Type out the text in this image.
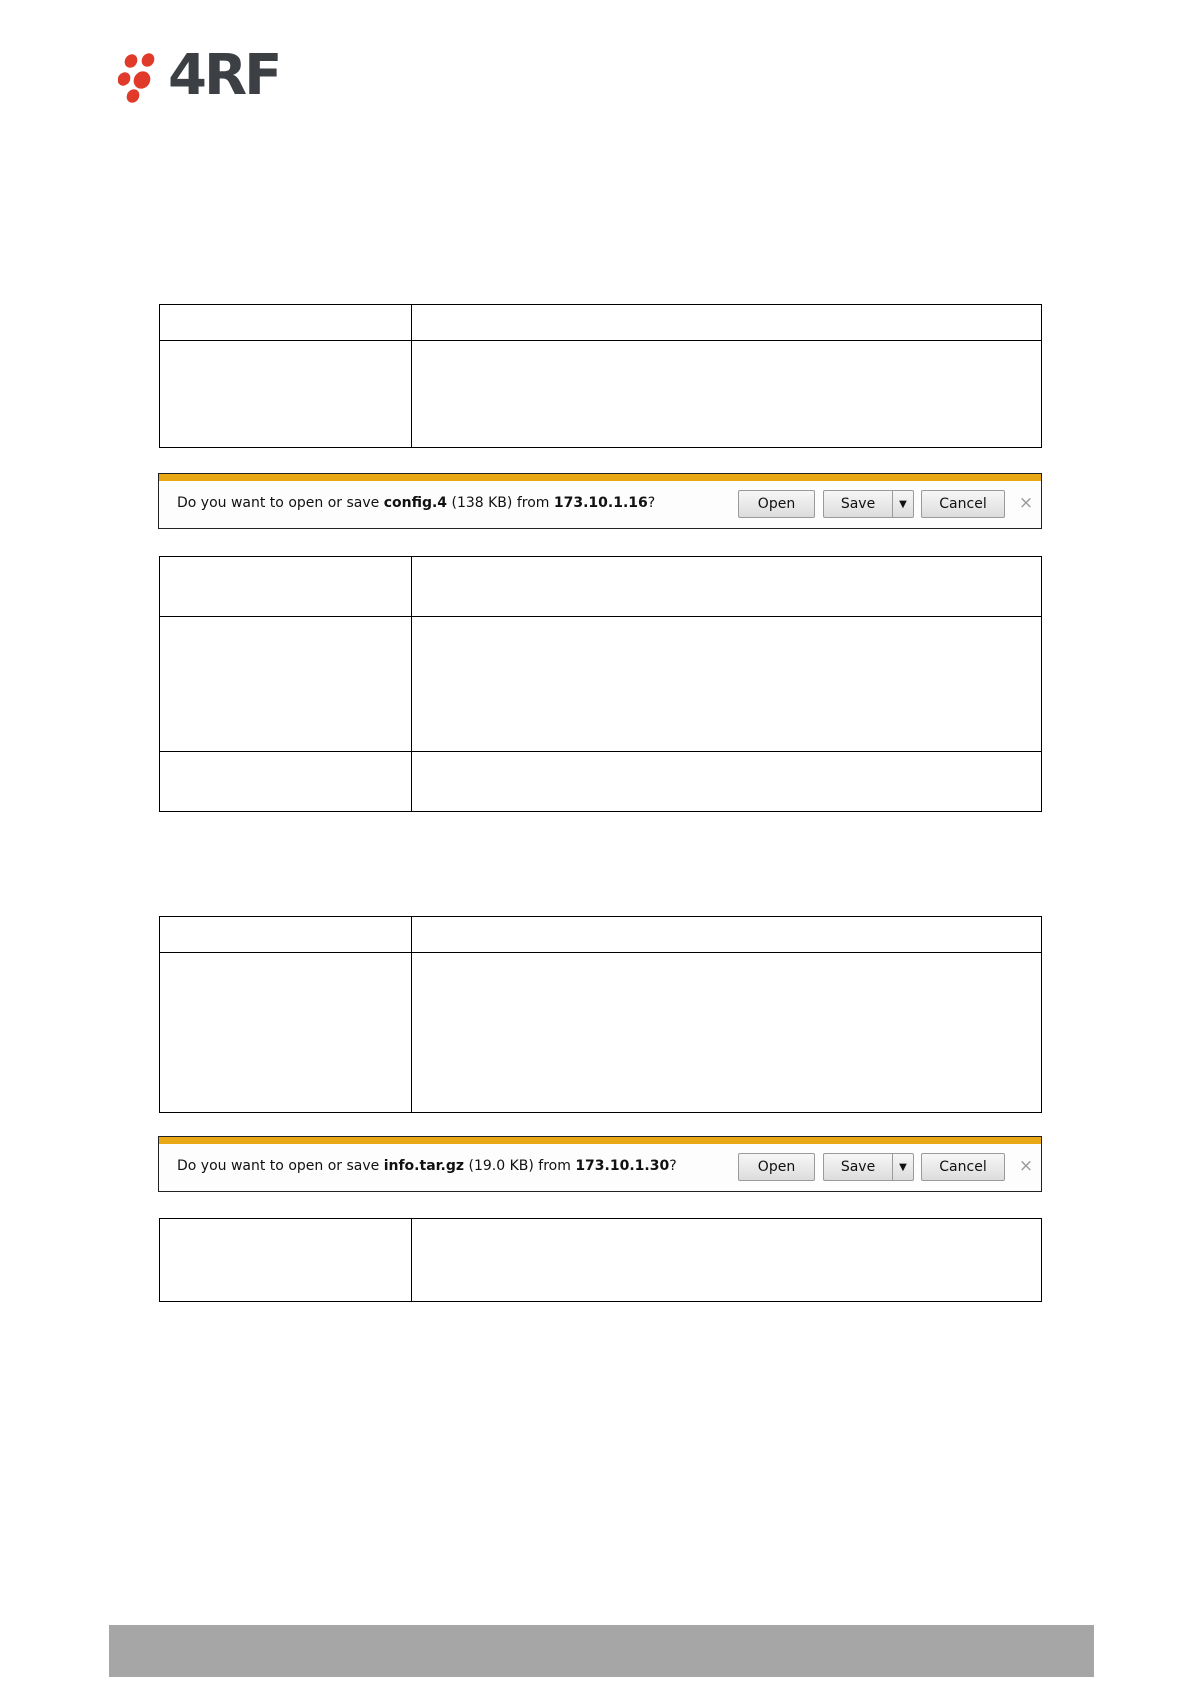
4RF

Do you want to open or save config.4 (138 KB) from 173.10.1.16?	Open	Save	▼	Cancel	×

Do you want to open or save info.tar.gz (19.0 KB) from 173.10.1.30?	Open	Save	▼	Cancel	×
